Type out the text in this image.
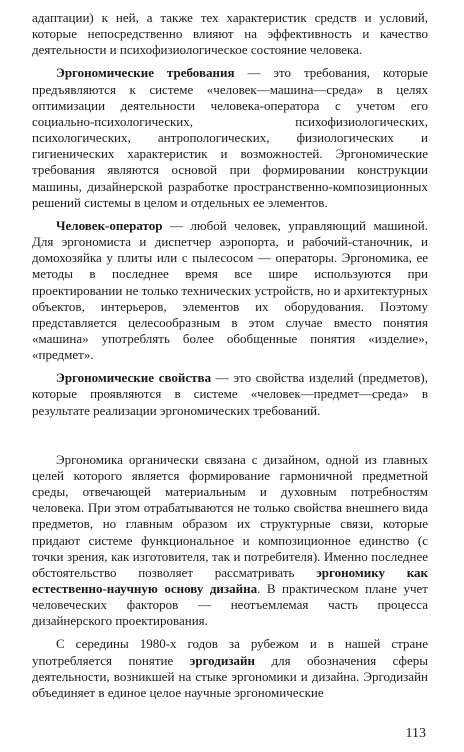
адаптации) к ней, а также тех характеристик средств и условий, которые непосредственно влияют на эффективность и качество деятельности и психофизиологическое состояние человека.

Эргономические требования — это требования, которые предъявляются к системе «человек—машина—среда» в целях оптимизации деятельности человека-оператора с учетом его социально-психологических, психофизиологических, психологических, антропологических, физиологических и гигиенических характеристик и возможностей. Эргономические требования являются основой при формировании конструкции машины, дизайнерской разработке пространственно-композиционных решений системы в целом и отдельных ее элементов.

Человек-оператор — любой человек, управляющий машиной. Для эргономиста и диспетчер аэропорта, и рабочий-станочник, и домохозяйка у плиты или с пылесосом — операторы. Эргономика, ее методы в последнее время все шире используются при проектировании не только технических устройств, но и архитектурных объектов, интерьеров, элементов их оборудования. Поэтому представляется целесообразным в этом случае вместо понятия «машина» употреблять более обобщенные понятия «изделие», «предмет».

Эргономические свойства — это свойства изделий (предметов), которые проявляются в системе «человек—предмет—среда» в результате реализации эргономических требований.

Эргономика органически связана с дизайном, одной из главных целей которого является формирование гармоничной предметной среды, отвечающей материальным и духовным потребностям человека. При этом отрабатываются не только свойства внешнего вида предметов, но главным образом их структурные связи, которые придают системе функциональное и композиционное единство (с точки зрения, как изготовителя, так и потребителя). Именно последнее обстоятельство позволяет рассматривать эргономику как естественно-научную основу дизайна. В практическом плане учет человеческих факторов — неотъемлемая часть процесса дизайнерского проектирования.

С середины 1980-х годов за рубежом и в нашей стране употребляется понятие эргодизайн для обозначения сферы деятельности, возникшей на стыке эргономики и дизайна. Эргодизайн объединяет в единое целое научные эргономические

113
